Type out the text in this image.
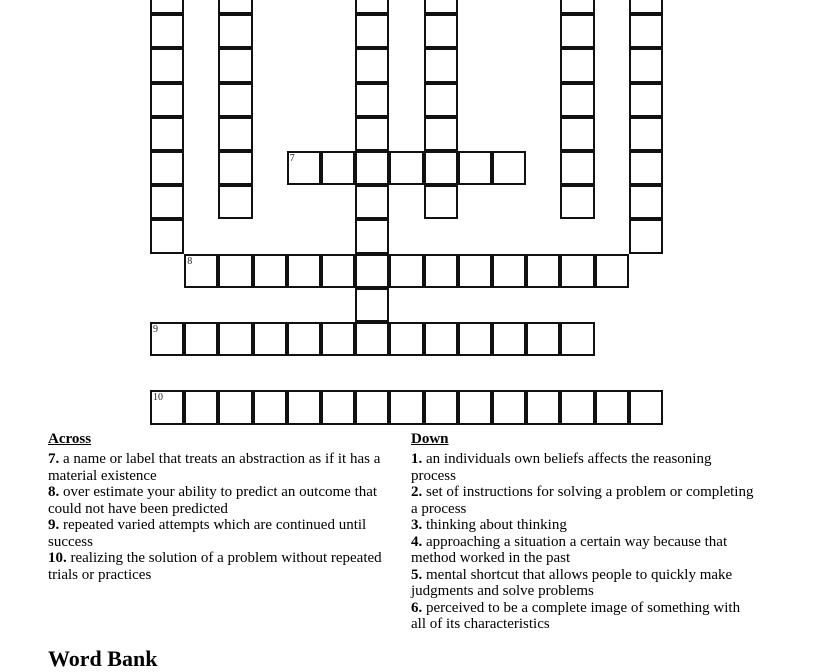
7
8
9
10
Across

7. a name or label that treats an abstraction as if it has a material existence

8. over estimate your ability to predict an outcome that could not have been predicted

9. repeated varied attempts which are continued until success

10. realizing the solution of a problem without repeated trials or practices

Down

1. an individuals own beliefs affects the reasoning process

2. set of instructions for solving a problem or completing a process

3. thinking about thinking

4. approaching a situation a certain way because that method worked in the past

5. mental shortcut that allows people to quickly make judgments and solve problems

6. perceived to be a complete image of something with all of its characteristics

Word Bank
